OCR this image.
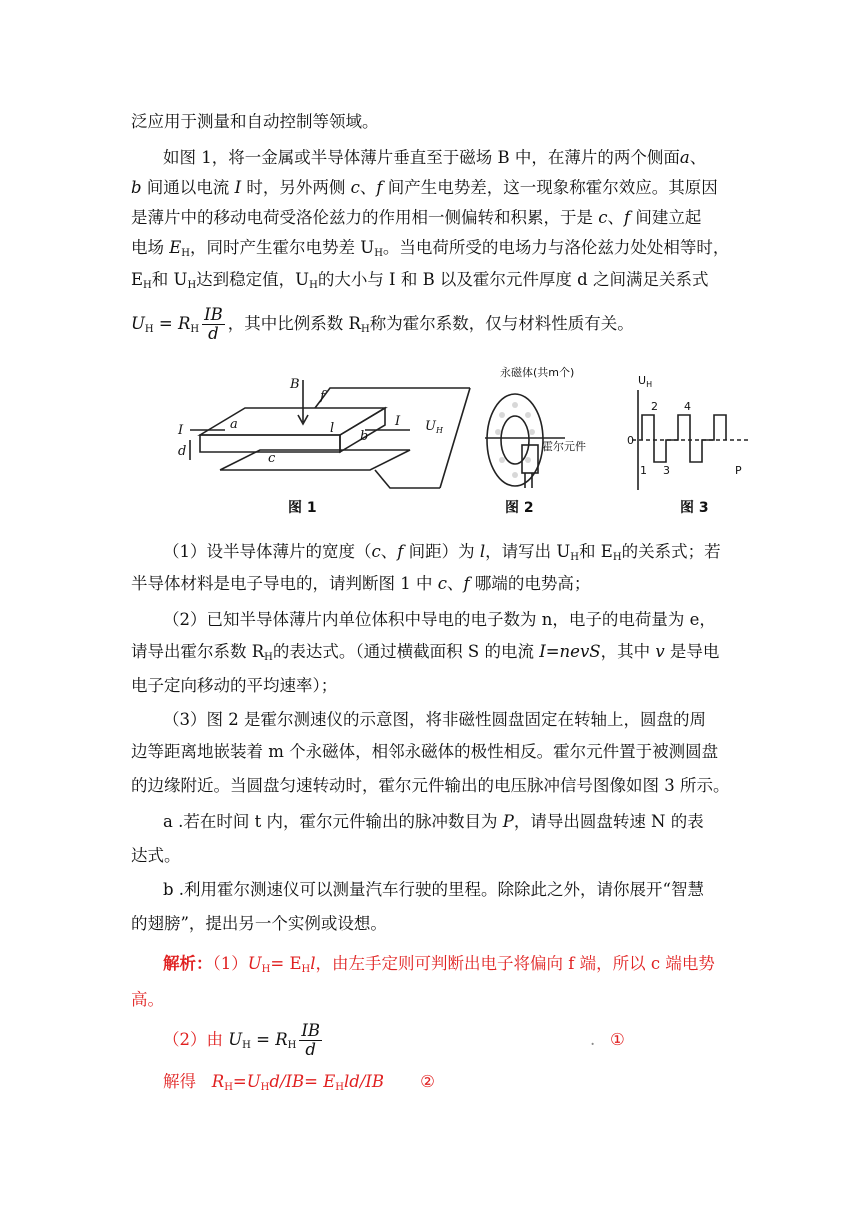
泛应用于测量和自动控制等领域。
如图 1，将一金属或半导体薄片垂直至于磁场 B 中，在薄片的两个侧面a、
b 间通以电流 I 时，另外两侧 c、f 间产生电势差，这一现象称霍尔效应。其原因
是薄片中的移动电荷受洛伦兹力的作用相一侧偏转和积累，于是 c、f 间建立起
电场 $E_H$，同时产生霍尔电势差 $U_H$。当电荷所受的电场力与洛伦兹力处处相等时，
$E_H$和 $U_H$达到稳定值，$U_H$的大小与 I 和 B 以及霍尔元件厚度 d 之间满足关系式
$U_H = R_H \frac{IB}{d}$ ，其中比例系数 $R_H$称为霍尔系数，仅与材料性质有关。
B
f
a
I
d
l
b
I
c
$U_H$
永磁体(共m个)
霍尔元件
$U_H$
0
1
2
3
4
P
图 1	图 2	图 3
（1）设半导体薄片的宽度（c、f 间距）为 l，请写出 $U_H$和 $E_H$的关系式；若
半导体材料是电子导电的，请判断图 1 中 c、f 哪端的电势高；
（2）已知半导体薄片内单位体积中导电的电子数为 n，电子的电荷量为 e，
请导出霍尔系数 $R_H$的表达式。（通过横截面积 S 的电流 I=nevS，其中 v 是导电
电子定向移动的平均速率）；
（3）图 2 是霍尔测速仪的示意图，将非磁性圆盘固定在转轴上，圆盘的周
边等距离地嵌装着 m 个永磁体，相邻永磁体的极性相反。霍尔元件置于被测圆盘
的边缘附近。当圆盘匀速转动时，霍尔元件输出的电压脉冲信号图像如图 3 所示。
a .若在时间 t 内，霍尔元件输出的脉冲数目为 P，请导出圆盘转速 N 的表
达式。
b .利用霍尔测速仪可以测量汽车行驶的里程。除除此之外，请你展开“智慧
的翅膀”，提出另一个实例或设想。
解析：$(1)U_H= E_Hl$，由左手定则可判断出电子将偏向 f 端，所以 c 端电势
高。
（2）由 $U_H = R_H \frac{IB}{d}$	. ①
解得 $R_H=U_Hd/IB= E_Hld/IB$ ②
